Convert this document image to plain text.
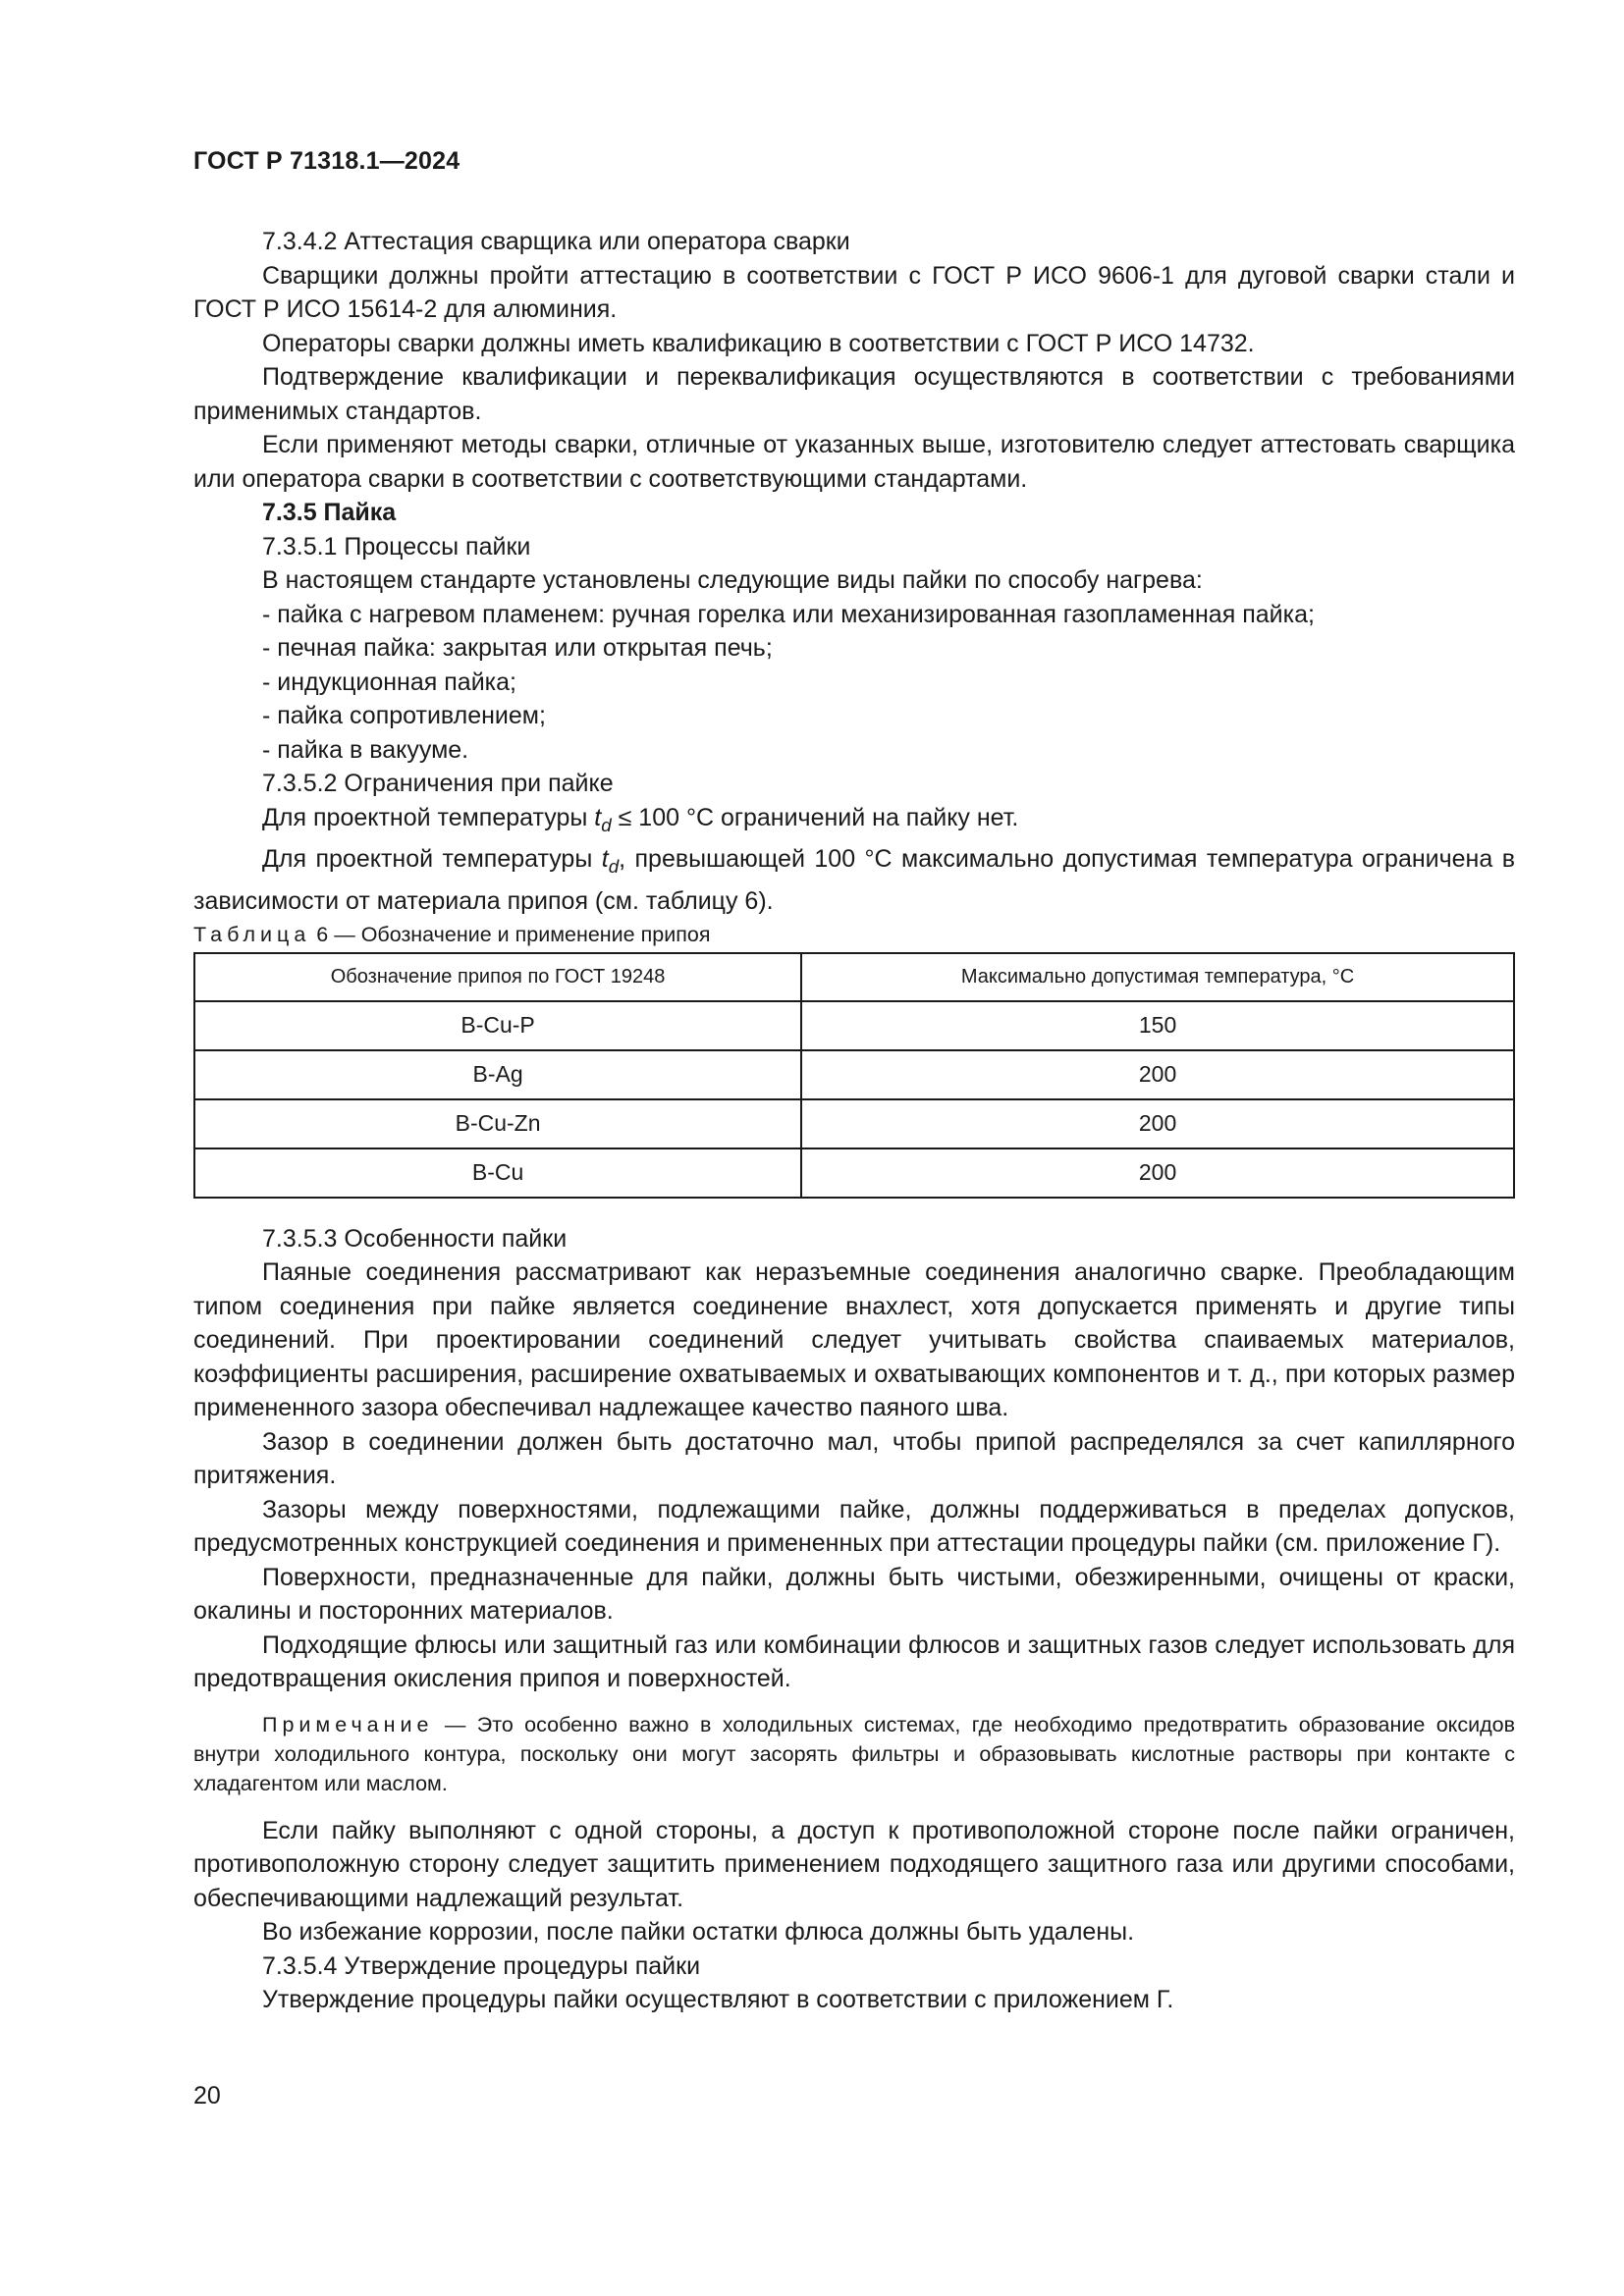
ГОСТ Р 71318.1—2024

7.3.4.2 Аттестация сварщика или оператора сварки

Сварщики должны пройти аттестацию в соответствии с ГОСТ Р ИСО 9606-1 для дуговой сварки стали и ГОСТ Р ИСО 15614-2 для алюминия.

Операторы сварки должны иметь квалификацию в соответствии с ГОСТ Р ИСО 14732.

Подтверждение квалификации и переквалификация осуществляются в соответствии с требованиями применимых стандартов.

Если применяют методы сварки, отличные от указанных выше, изготовителю следует аттестовать сварщика или оператора сварки в соответствии с соответствующими стандартами.

7.3.5 Пайка

7.3.5.1 Процессы пайки

В настоящем стандарте установлены следующие виды пайки по способу нагрева:

- пайка с нагревом пламенем: ручная горелка или механизированная газопламенная пайка;

- печная пайка: закрытая или открытая печь;

- индукционная пайка;

- пайка сопротивлением;

- пайка в вакууме.

7.3.5.2 Ограничения при пайке

Для проектной температуры $t_d \le 100$ °C ограничений на пайку нет.

Для проектной температуры $t_d$, превышающей 100 °C максимально допустимая температура ограничена в зависимости от материала припоя (см. таблицу 6).

Таблица 6 — Обозначение и применение припоя

Обозначение припоя по ГОСТ 19248	Максимально допустимая температура, °С
B-Cu-P	150
B-Ag	200
B-Cu-Zn	200
B-Cu	200

7.3.5.3 Особенности пайки

Паяные соединения рассматривают как неразъемные соединения аналогично сварке. Преобладающим типом соединения при пайке является соединение внахлест, хотя допускается применять и другие типы соединений. При проектировании соединений следует учитывать свойства спаиваемых материалов, коэффициенты расширения, расширение охватываемых и охватывающих компонентов и т. д., при которых размер примененного зазора обеспечивал надлежащее качество паяного шва.

Зазор в соединении должен быть достаточно мал, чтобы припой распределялся за счет капиллярного притяжения.

Зазоры между поверхностями, подлежащими пайке, должны поддерживаться в пределах допусков, предусмотренных конструкцией соединения и примененных при аттестации процедуры пайки (см. приложение Г).

Поверхности, предназначенные для пайки, должны быть чистыми, обезжиренными, очищены от краски, окалины и посторонних материалов.

Подходящие флюсы или защитный газ или комбинации флюсов и защитных газов следует использовать для предотвращения окисления припоя и поверхностей.

Примечание — Это особенно важно в холодильных системах, где необходимо предотвратить образование оксидов внутри холодильного контура, поскольку они могут засорять фильтры и образовывать кислотные растворы при контакте с хладагентом или маслом.

Если пайку выполняют с одной стороны, а доступ к противоположной стороне после пайки ограничен, противоположную сторону следует защитить применением подходящего защитного газа или другими способами, обеспечивающими надлежащий результат.

Во избежание коррозии, после пайки остатки флюса должны быть удалены.

7.3.5.4 Утверждение процедуры пайки

Утверждение процедуры пайки осуществляют в соответствии с приложением Г.

20
